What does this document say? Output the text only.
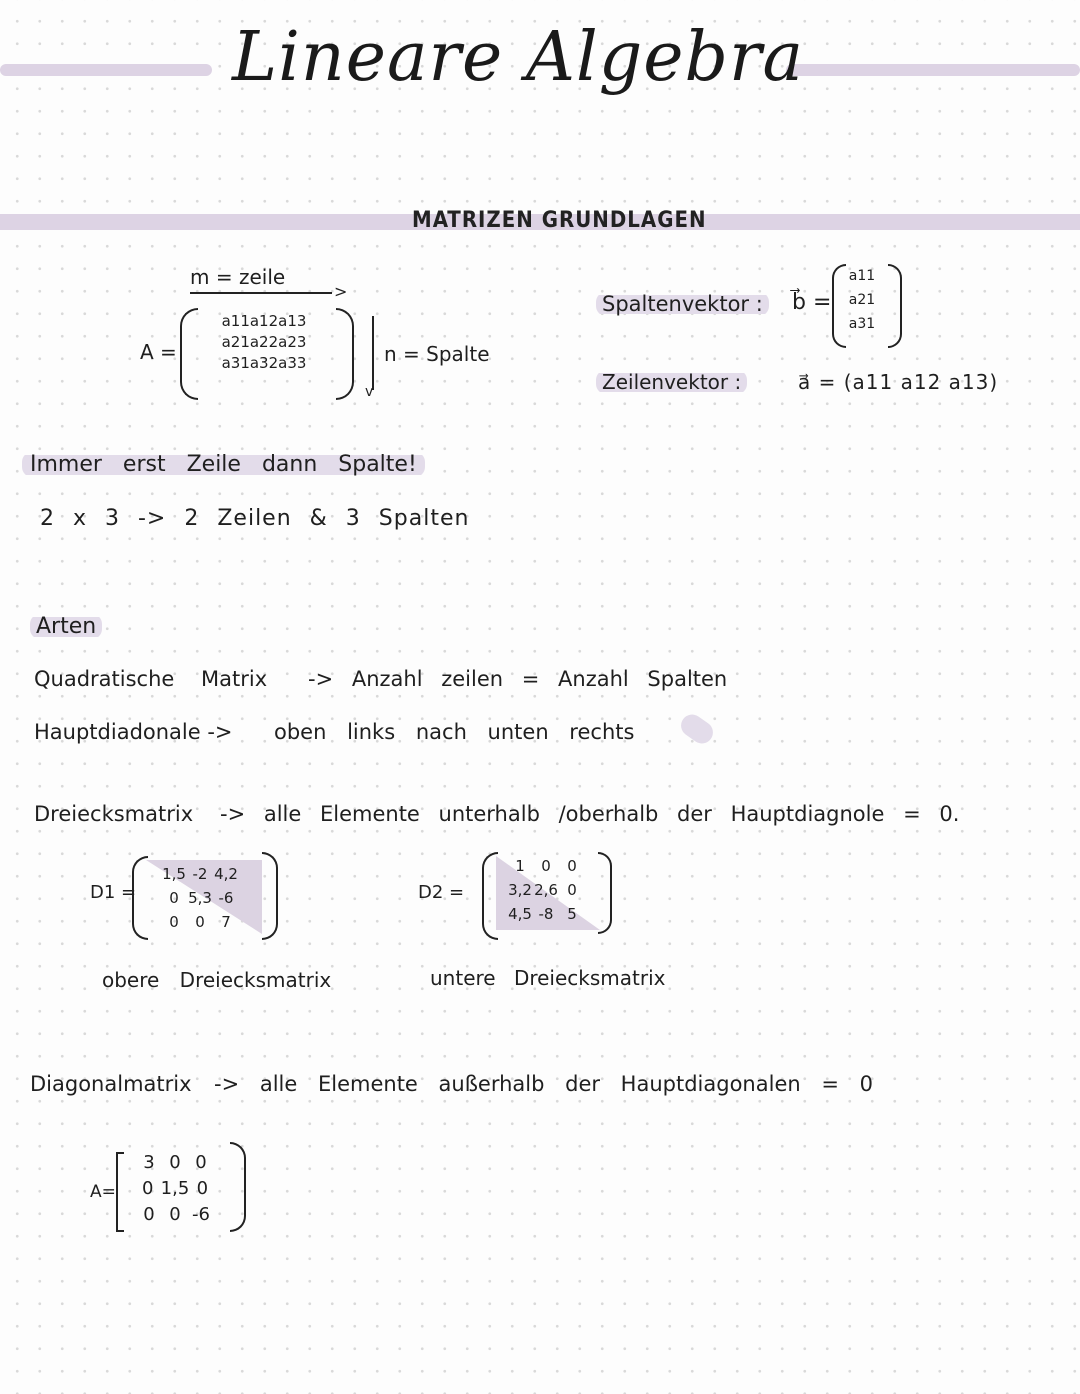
Lineare Algebra
MATRIZEN GRUNDLAGEN
m = zeile
>
A =
a11a12a13
a21a22a23
a31a32a33
v
n = Spalte
Spaltenvektor : b⃗ =
a11
a21
a31
Zeilenvektor :	a⃗ = (a11 a12 a13)
Immer erst Zeile dann Spalte!
2 x 3 -> 2 Zeilen & 3 Spalten
Arten
Quadratische Matrix -> Anzahl zeilen = Anzahl Spalten
Hauptdiadonale -> oben links nach unten rechts
Dreiecksmatrix -> alle Elemente unterhalb /oberhalb der Hauptdiagnole = 0.
D1 =
1,5 -2 4,2
0 5,3 -6
0 0 7
obere Dreiecksmatrix
D2 =
1 0 0
3,2 2,6 0
4,5 -8 5
untere Dreiecksmatrix
Diagonalmatrix -> alle Elemente außerhalb der Hauptdiagonalen = 0
A=
3 0 0
0 1,5 0
0 0 -6
